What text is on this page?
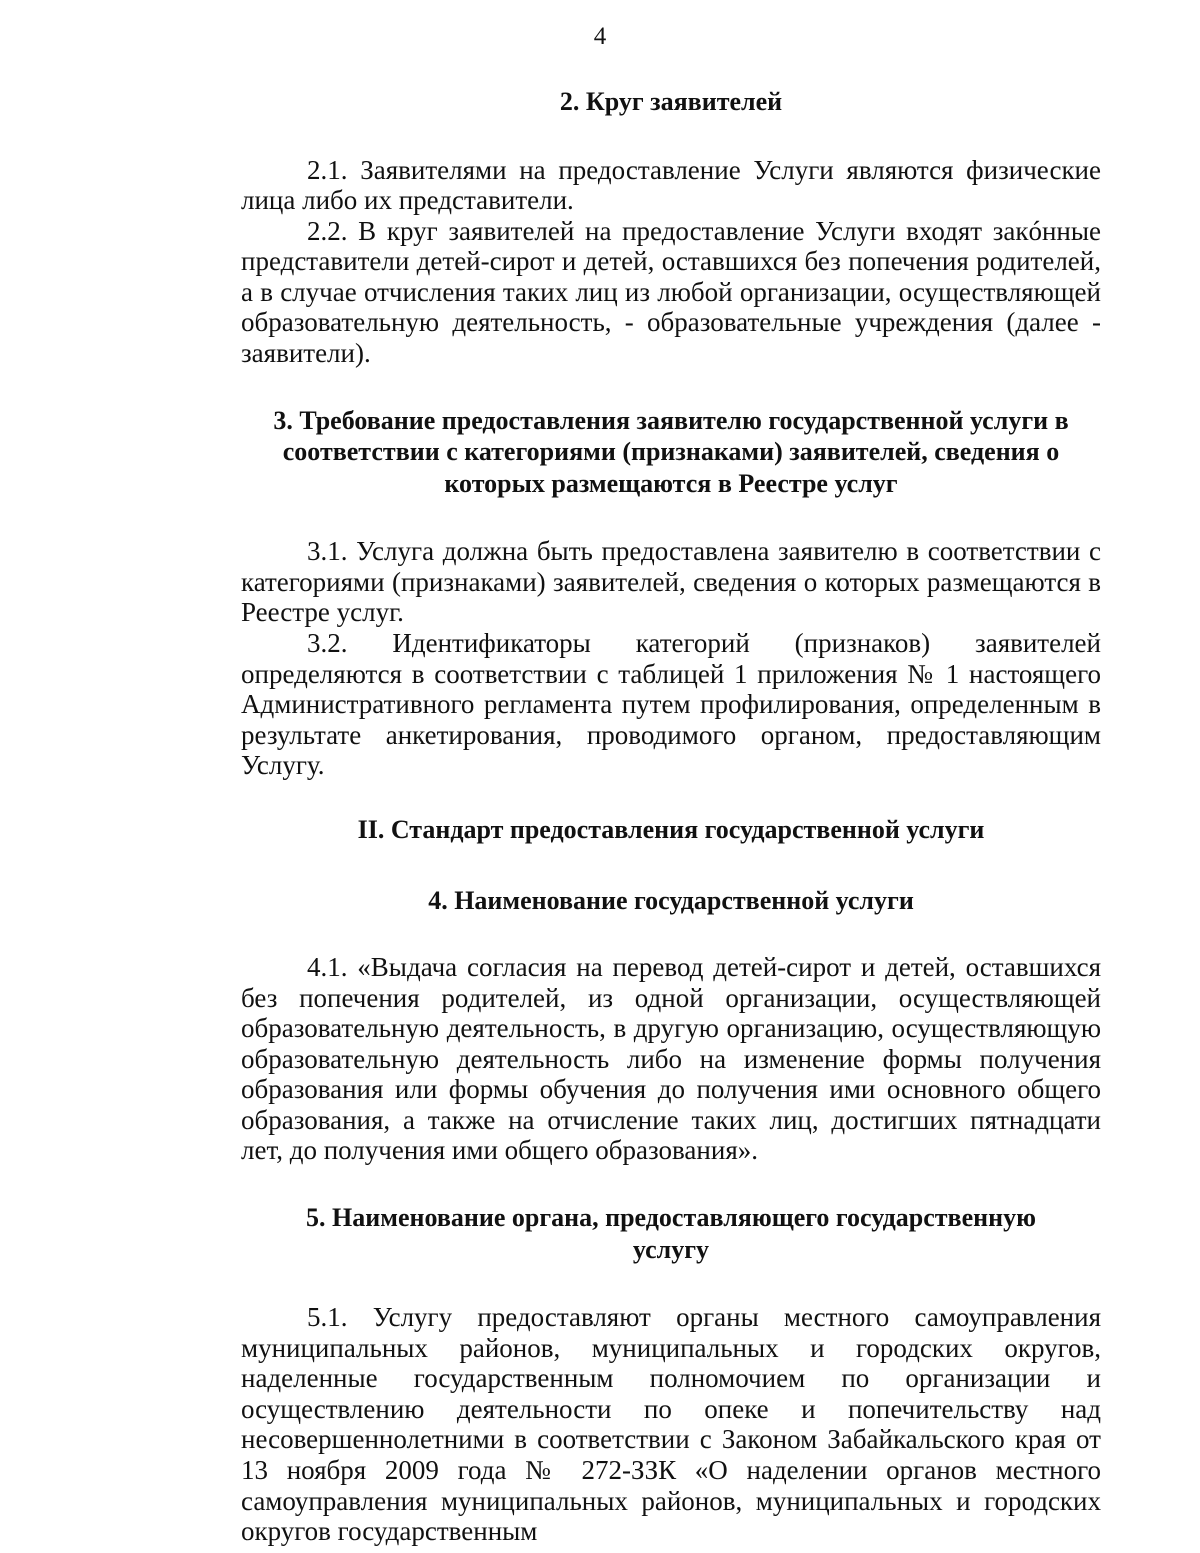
4
2. Круг заявителей

2.1. Заявителями на предоставление Услуги являются физические лица либо их представители.

2.2. В круг заявителей на предоставление Услуги входят закóнные представители детей-сирот и детей, оставшихся без попечения родителей, а в случае отчисления таких лиц из любой организации, осуществляющей образовательную деятельность, - образовательные учреждения (далее - заявители).

3. Требование предоставления заявителю государственной услуги в соответствии с категориями (признаками) заявителей, сведения о которых размещаются в Реестре услуг

3.1. Услуга должна быть предоставлена заявителю в соответствии с категориями (признаками) заявителей, сведения о которых размещаются в Реестре услуг.

3.2. Идентификаторы категорий (признаков) заявителей определяются в соответствии с таблицей 1 приложения № 1 настоящего Административного регламента путем профилирования, определенным в результате анкетирования, проводимого органом, предоставляющим Услугу.

II. Стандарт предоставления государственной услуги
4. Наименование государственной услуги

4.1. «Выдача согласия на перевод детей-сирот и детей, оставшихся без попечения родителей, из одной организации, осуществляющей образовательную деятельность, в другую организацию, осуществляющую образовательную деятельность либо на изменение формы получения образования или формы обучения до получения ими основного общего образования, а также на отчисление таких лиц, достигших пятнадцати лет, до получения ими общего образования».

5. Наименование органа, предоставляющего государственную услугу

5.1. Услугу предоставляют органы местного самоуправления муниципальных районов, муниципальных и городских округов, наделенные государственным полномочием по организации и осуществлению деятельности по опеке и попечительству над несовершеннолетними в соответствии с Законом Забайкальского края от 13 ноября 2009 года № 272-ЗЗК «О наделении органов местного самоуправления муниципальных районов, муниципальных и городских округов государственным
